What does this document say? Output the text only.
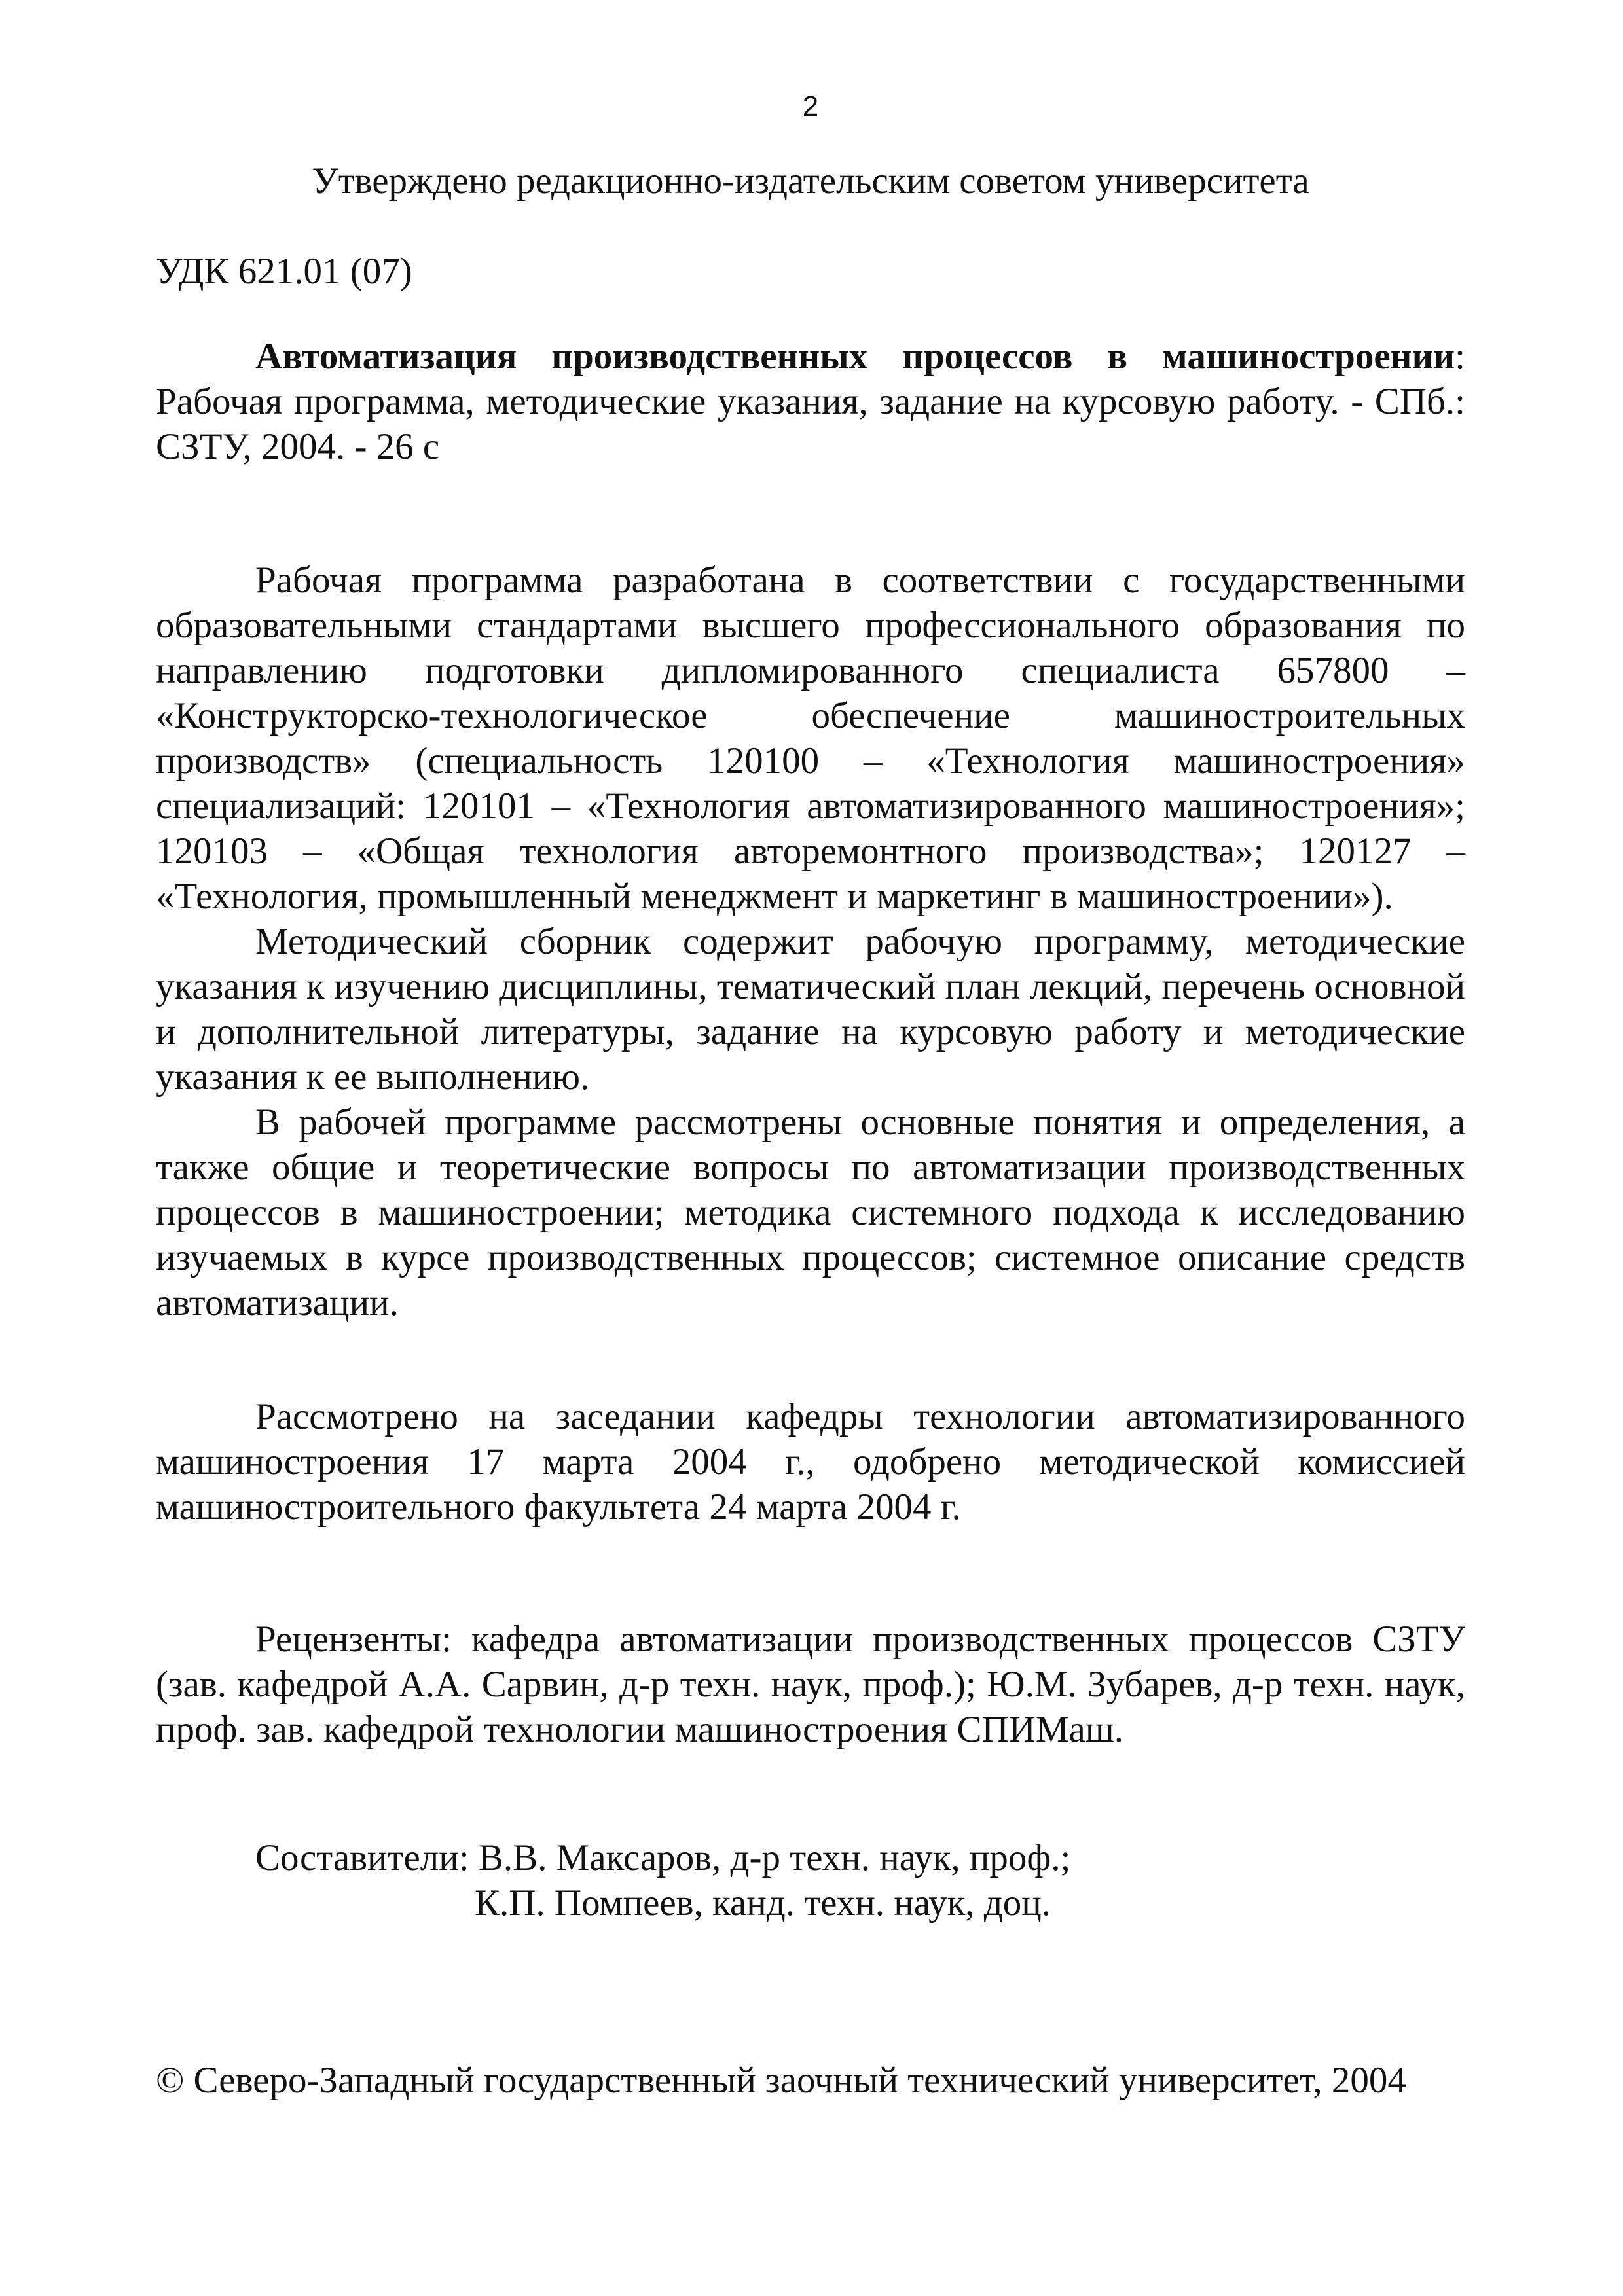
2
Утверждено редакционно-издательским советом университета
УДК 621.01 (07)

Автоматизация производственных процессов в машиностроении: Рабочая программа, методические указания, задание на курсовую работу. - СПб.: СЗТУ, 2004. - 26 с

Рабочая программа разработана в соответствии с государственными образовательными стандартами высшего профессионального образования по направлению подготовки дипломированного специалиста 657800 – «Конструкторско-технологическое обеспечение машиностроительных производств» (специальность 120100 – «Технология машиностроения» специализаций: 120101 – «Технология автоматизированного машиностроения»; 120103 – «Общая технология авторемонтного производства»; 120127 – «Технология, промышленный менеджмент и маркетинг в машиностроении»).

Методический сборник содержит рабочую программу, методические указания к изучению дисциплины, тематический план лекций, перечень основной и дополнительной литературы, задание на курсовую работу и методические указания к ее выполнению.

В рабочей программе рассмотрены основные понятия и определения, а также общие и теоретические вопросы по автоматизации производственных процессов в машиностроении; методика системного подхода к исследованию изучаемых в курсе производственных процессов; системное описание средств автоматизации.

Рассмотрено на заседании кафедры технологии автоматизированного машиностроения 17 марта 2004 г., одобрено методической комиссией машиностроительного факультета 24 марта 2004 г.

Рецензенты: кафедра автоматизации производственных процессов СЗТУ (зав. кафедрой А.А. Сарвин, д-р техн. наук, проф.); Ю.М. Зубарев, д-р техн. наук, проф. зав. кафедрой технологии машиностроения СПИМаш.

Составители: В.В. Максаров, д-р техн. наук, проф.;
К.П. Помпеев, канд. техн. наук, доц.
© Северо-Западный государственный заочный технический университет, 2004
